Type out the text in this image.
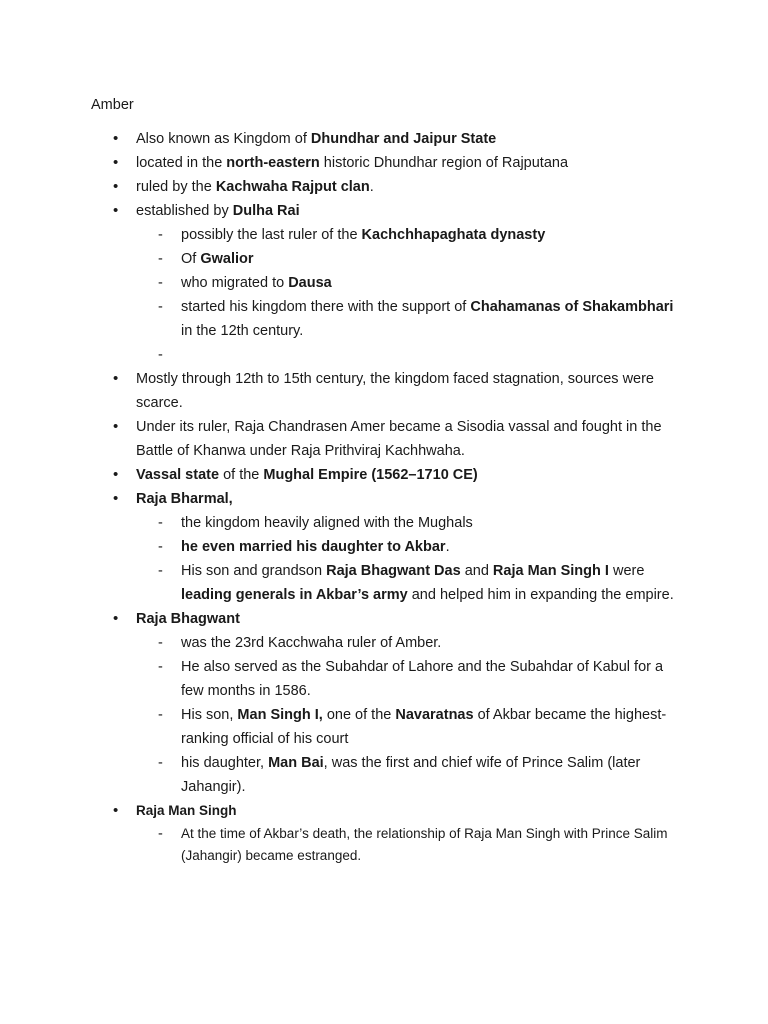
Amber
• Also known as Kingdom of Dhundhar and Jaipur State
• located in the north-eastern historic Dhundhar region of Rajputana
• ruled by the Kachwaha Rajput clan.
• established by Dulha Rai
- possibly the last ruler of the Kachchhapaghata dynasty
- Of Gwalior
- who migrated to Dausa
- started his kingdom there with the support of Chahamanas of Shakambhari in the 12th century.
-
• Mostly through 12th to 15th century, the kingdom faced stagnation, sources were scarce.
• Under its ruler, Raja Chandrasen Amer became a Sisodia vassal and fought in the Battle of Khanwa under Raja Prithviraj Kachhwaha.
• Vassal state of the Mughal Empire (1562–1710 CE)
• Raja Bharmal,
- the kingdom heavily aligned with the Mughals
- he even married his daughter to Akbar.
- His son and grandson Raja Bhagwant Das and Raja Man Singh I were leading generals in Akbar’s army and helped him in expanding the empire.
• Raja Bhagwant
- was the 23rd Kacchwaha ruler of Amber.
- He also served as the Subahdar of Lahore and the Subahdar of Kabul for a few months in 1586.
- His son, Man Singh I, one of the Navaratnas of Akbar became the highest-ranking official of his court
- his daughter, Man Bai, was the first and chief wife of Prince Salim (later Jahangir).
• Raja Man Singh
- At the time of Akbar’s death, the relationship of Raja Man Singh with Prince Salim (Jahangir) became estranged.
